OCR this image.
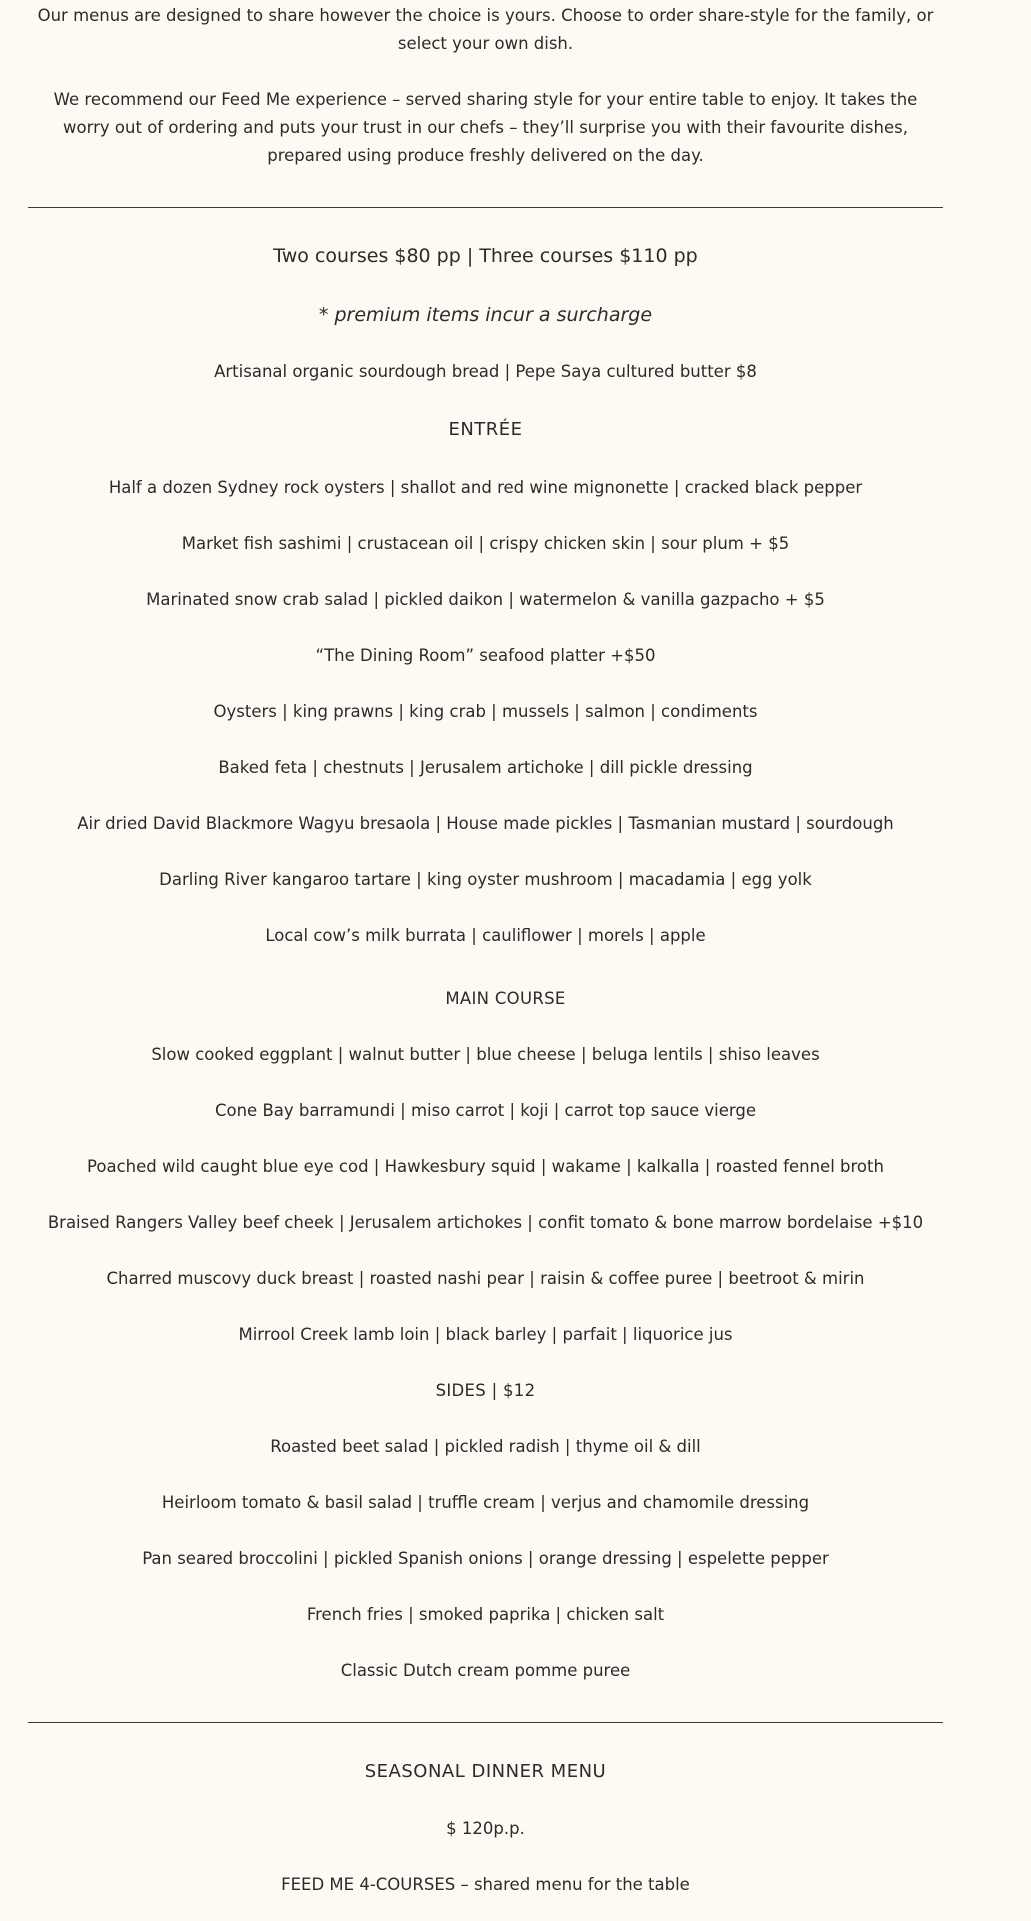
Our menus are designed to share however the choice is yours. Choose to order share-style for the family, or select your own dish.

We recommend our Feed Me experience – served sharing style for your entire table to enjoy. It takes the worry out of ordering and puts your trust in our chefs – they’ll surprise you with their favourite dishes, prepared using produce freshly delivered on the day.

Two courses $80 pp | Three courses $110 pp
* premium items incur a surcharge
Artisanal organic sourdough bread | Pepe Saya cultured butter $8
ENTRÉE
Half a dozen Sydney rock oysters | shallot and red wine mignonette | cracked black pepper
Market fish sashimi | crustacean oil | crispy chicken skin | sour plum + $5
Marinated snow crab salad | pickled daikon | watermelon & vanilla gazpacho + $5
“The Dining Room” seafood platter +$50
Oysters | king prawns | king crab | mussels | salmon | condiments
Baked feta | chestnuts | Jerusalem artichoke | dill pickle dressing
Air dried David Blackmore Wagyu bresaola | House made pickles | Tasmanian mustard | sourdough
Darling River kangaroo tartare | king oyster mushroom | macadamia | egg yolk
Local cow’s milk burrata | cauliflower | morels | apple
MAIN COURSE
Slow cooked eggplant | walnut butter | blue cheese | beluga lentils | shiso leaves
Cone Bay barramundi | miso carrot | koji | carrot top sauce vierge
Poached wild caught blue eye cod | Hawkesbury squid | wakame | kalkalla | roasted fennel broth
Braised Rangers Valley beef cheek | Jerusalem artichokes | confit tomato & bone marrow bordelaise +$10
Charred muscovy duck breast | roasted nashi pear | raisin & coffee puree | beetroot & mirin
Mirrool Creek lamb loin | black barley | parfait | liquorice jus
SIDES | $12
Roasted beet salad | pickled radish | thyme oil & dill
Heirloom tomato & basil salad | truffle cream | verjus and chamomile dressing
Pan seared broccolini | pickled Spanish onions | orange dressing | espelette pepper
French fries | smoked paprika | chicken salt
Classic Dutch cream pomme puree
SEASONAL DINNER MENU
$ 120p.p.
FEED ME 4-COURSES – shared menu for the table
